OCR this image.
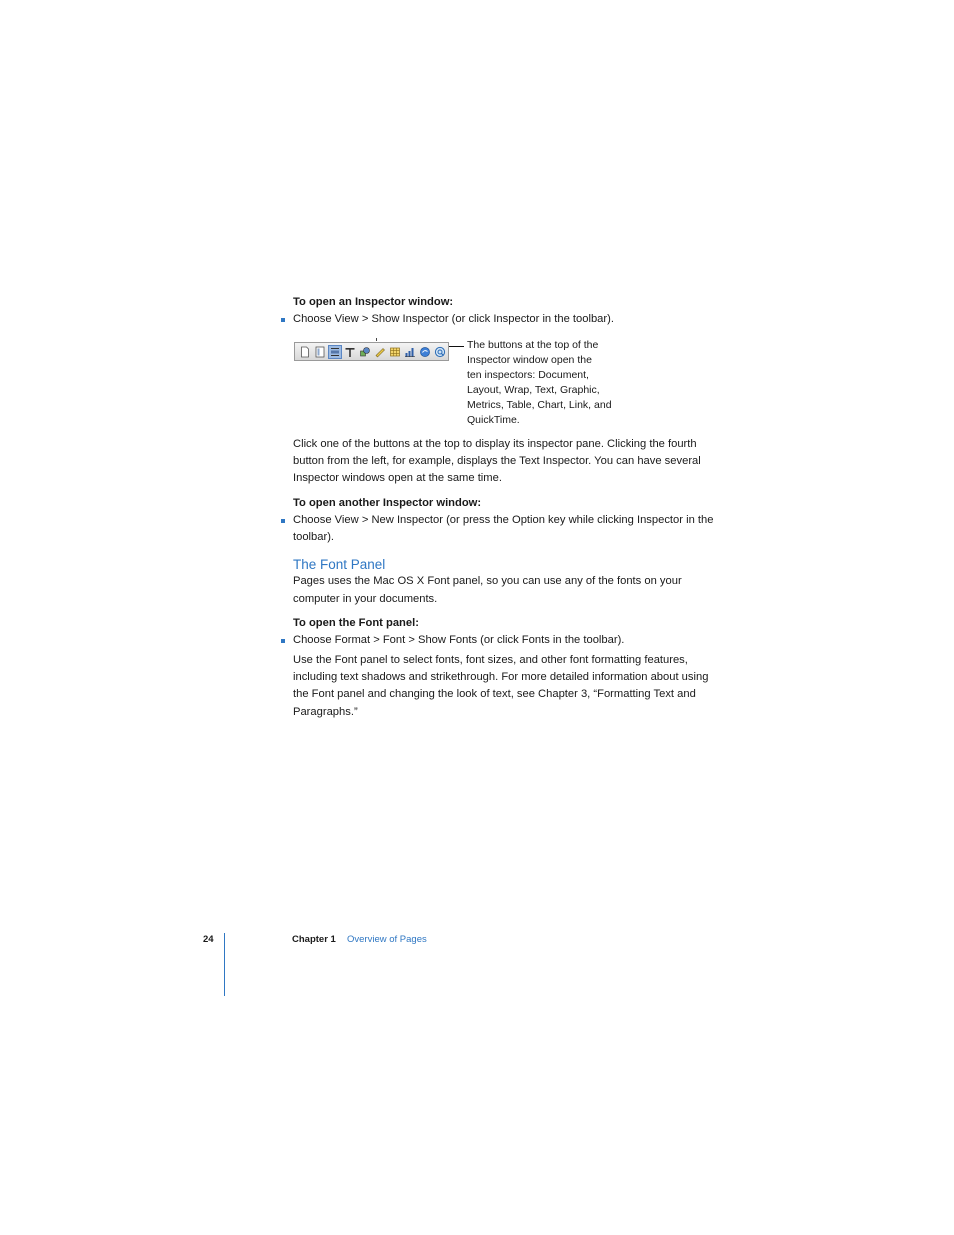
To open an Inspector window:
Choose View > Show Inspector (or click Inspector in the toolbar).
The buttons at the top of the
Inspector window open the
ten inspectors: Document,
Layout, Wrap, Text, Graphic,
Metrics, Table, Chart, Link, and
QuickTime.
Click one of the buttons at the top to display its inspector pane. Clicking the fourth
button from the left, for example, displays the Text Inspector. You can have several
Inspector windows open at the same time.
To open another Inspector window:
Choose View > New Inspector (or press the Option key while clicking Inspector in the
toolbar).
The Font Panel
Pages uses the Mac OS X Font panel, so you can use any of the fonts on your
computer in your documents.
To open the Font panel:
Choose Format > Font > Show Fonts (or click Fonts in the toolbar).
Use the Font panel to select fonts, font sizes, and other font formatting features,
including text shadows and strikethrough. For more detailed information about using
the Font panel and changing the look of text, see Chapter 3, “Formatting Text and
Paragraphs.”
24	Chapter 1 Overview of Pages
